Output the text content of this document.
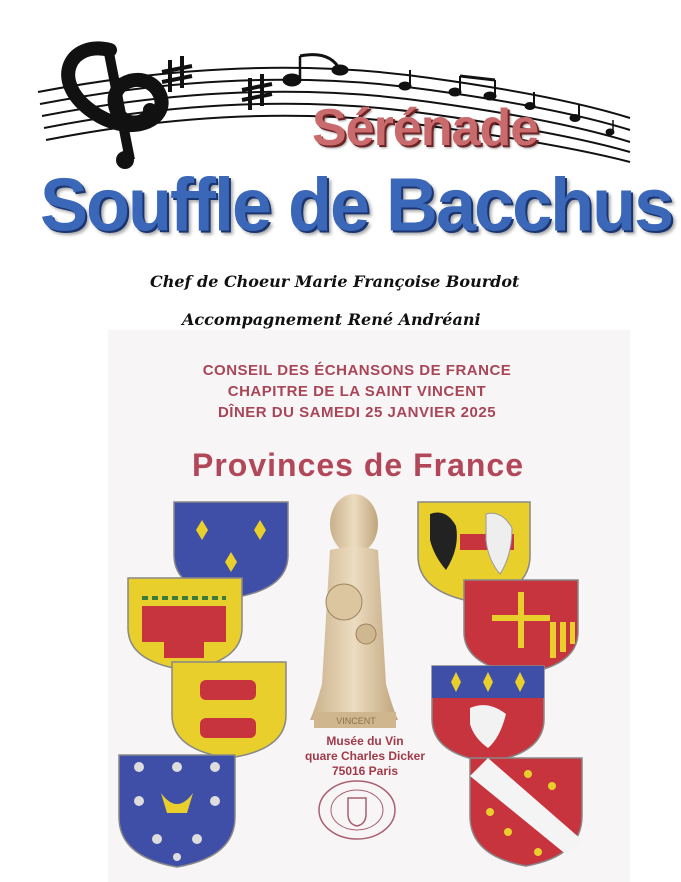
Sérénade
Souffle de Bacchus
Chef de Choeur Marie Françoise Bourdot
Accompagnement René Andréani
CONSEIL DES ÉCHANSONS DE FRANCE
CHAPITRE DE LA SAINT VINCENT
DÎNER DU SAMEDI 25 JANVIER 2025
Provinces de France
VINCENT
Musée du Vin
quare Charles Dicker
75016 Paris
